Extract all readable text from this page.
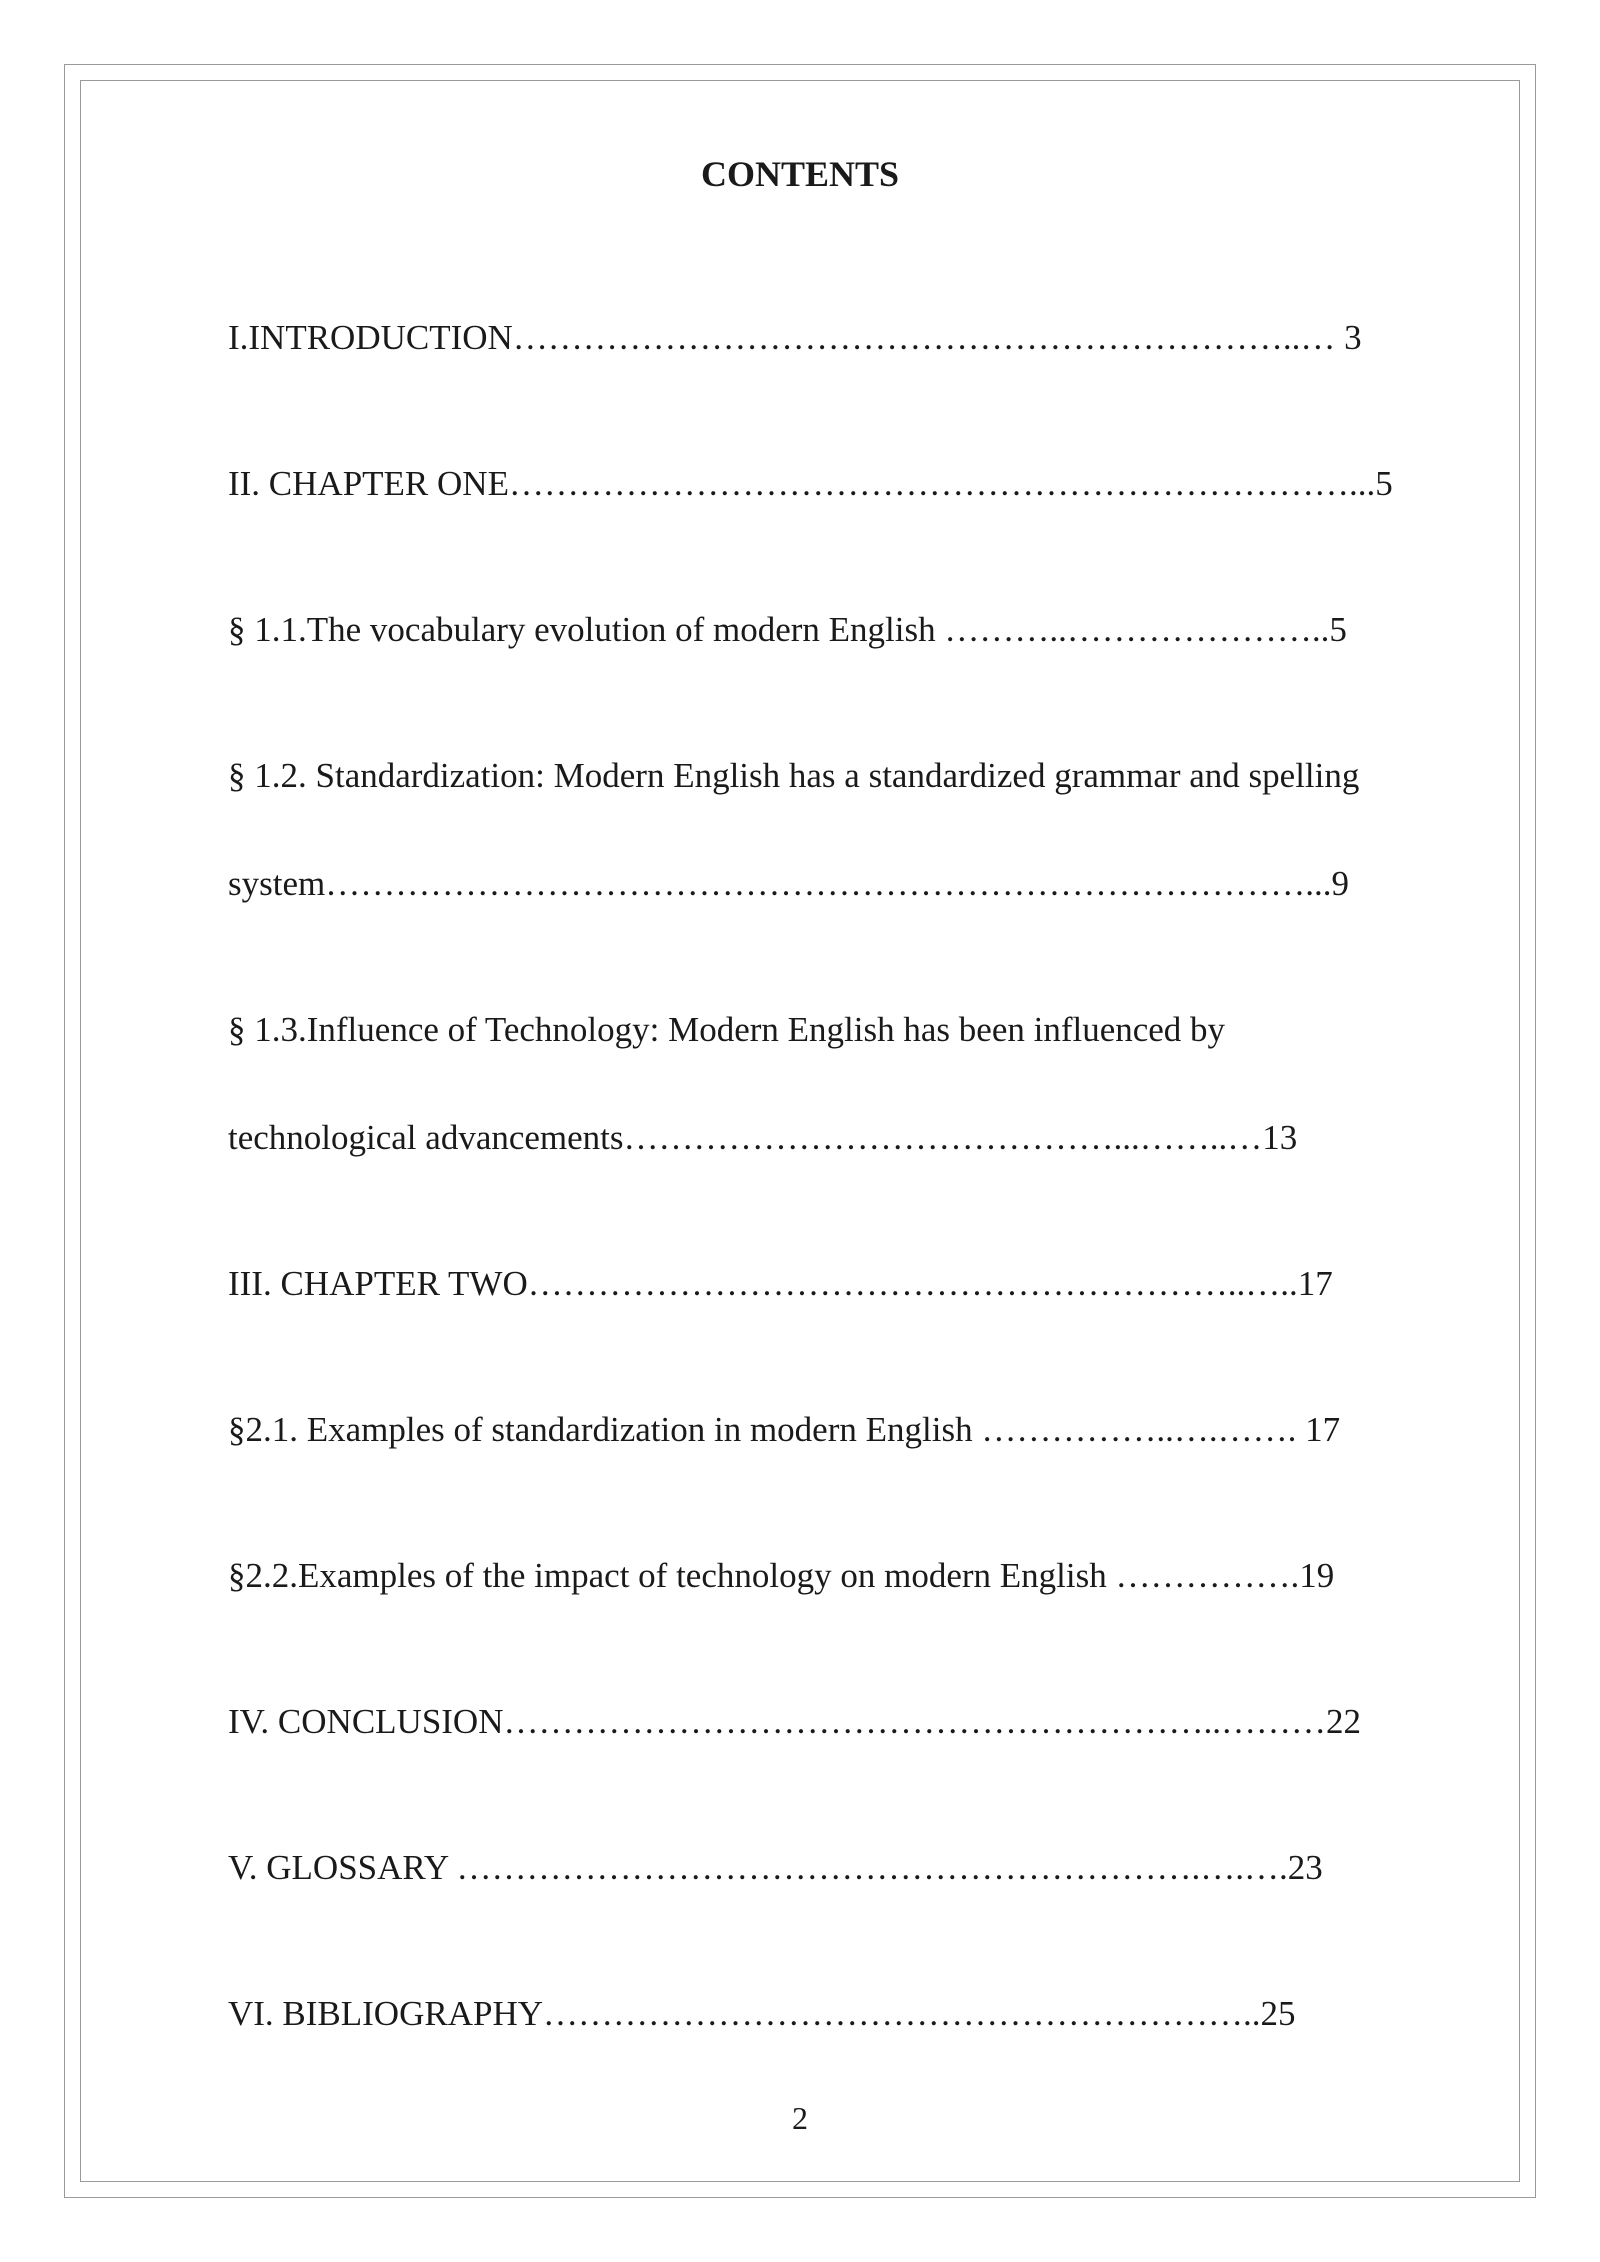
CONTENTS

I.INTRODUCTION…………………………………………………………..… 3

II. CHAPTER ONE………………………………………………………………...5

§ 1.1.The vocabulary evolution of modern English ………..…………………..5

§ 1.2. Standardization: Modern English has a standardized grammar and spelling

system…………………………………………………………………………...9

§ 1.3.Influence of Technology: Modern English has been influenced by

technological advancements……………………………………...……..…13

III. CHAPTER TWO……………………………………………………..…..17

§2.1. Examples of standardization in modern English ……………..….……. 17

§2.2.Examples of the impact of technology on modern English …………….19

IV. CONCLUSION……………………………………………………..………22

V. GLOSSARY ……………………………………………………….….….23

VI. BIBLIOGRAPHY……………………………………………………..25

2
